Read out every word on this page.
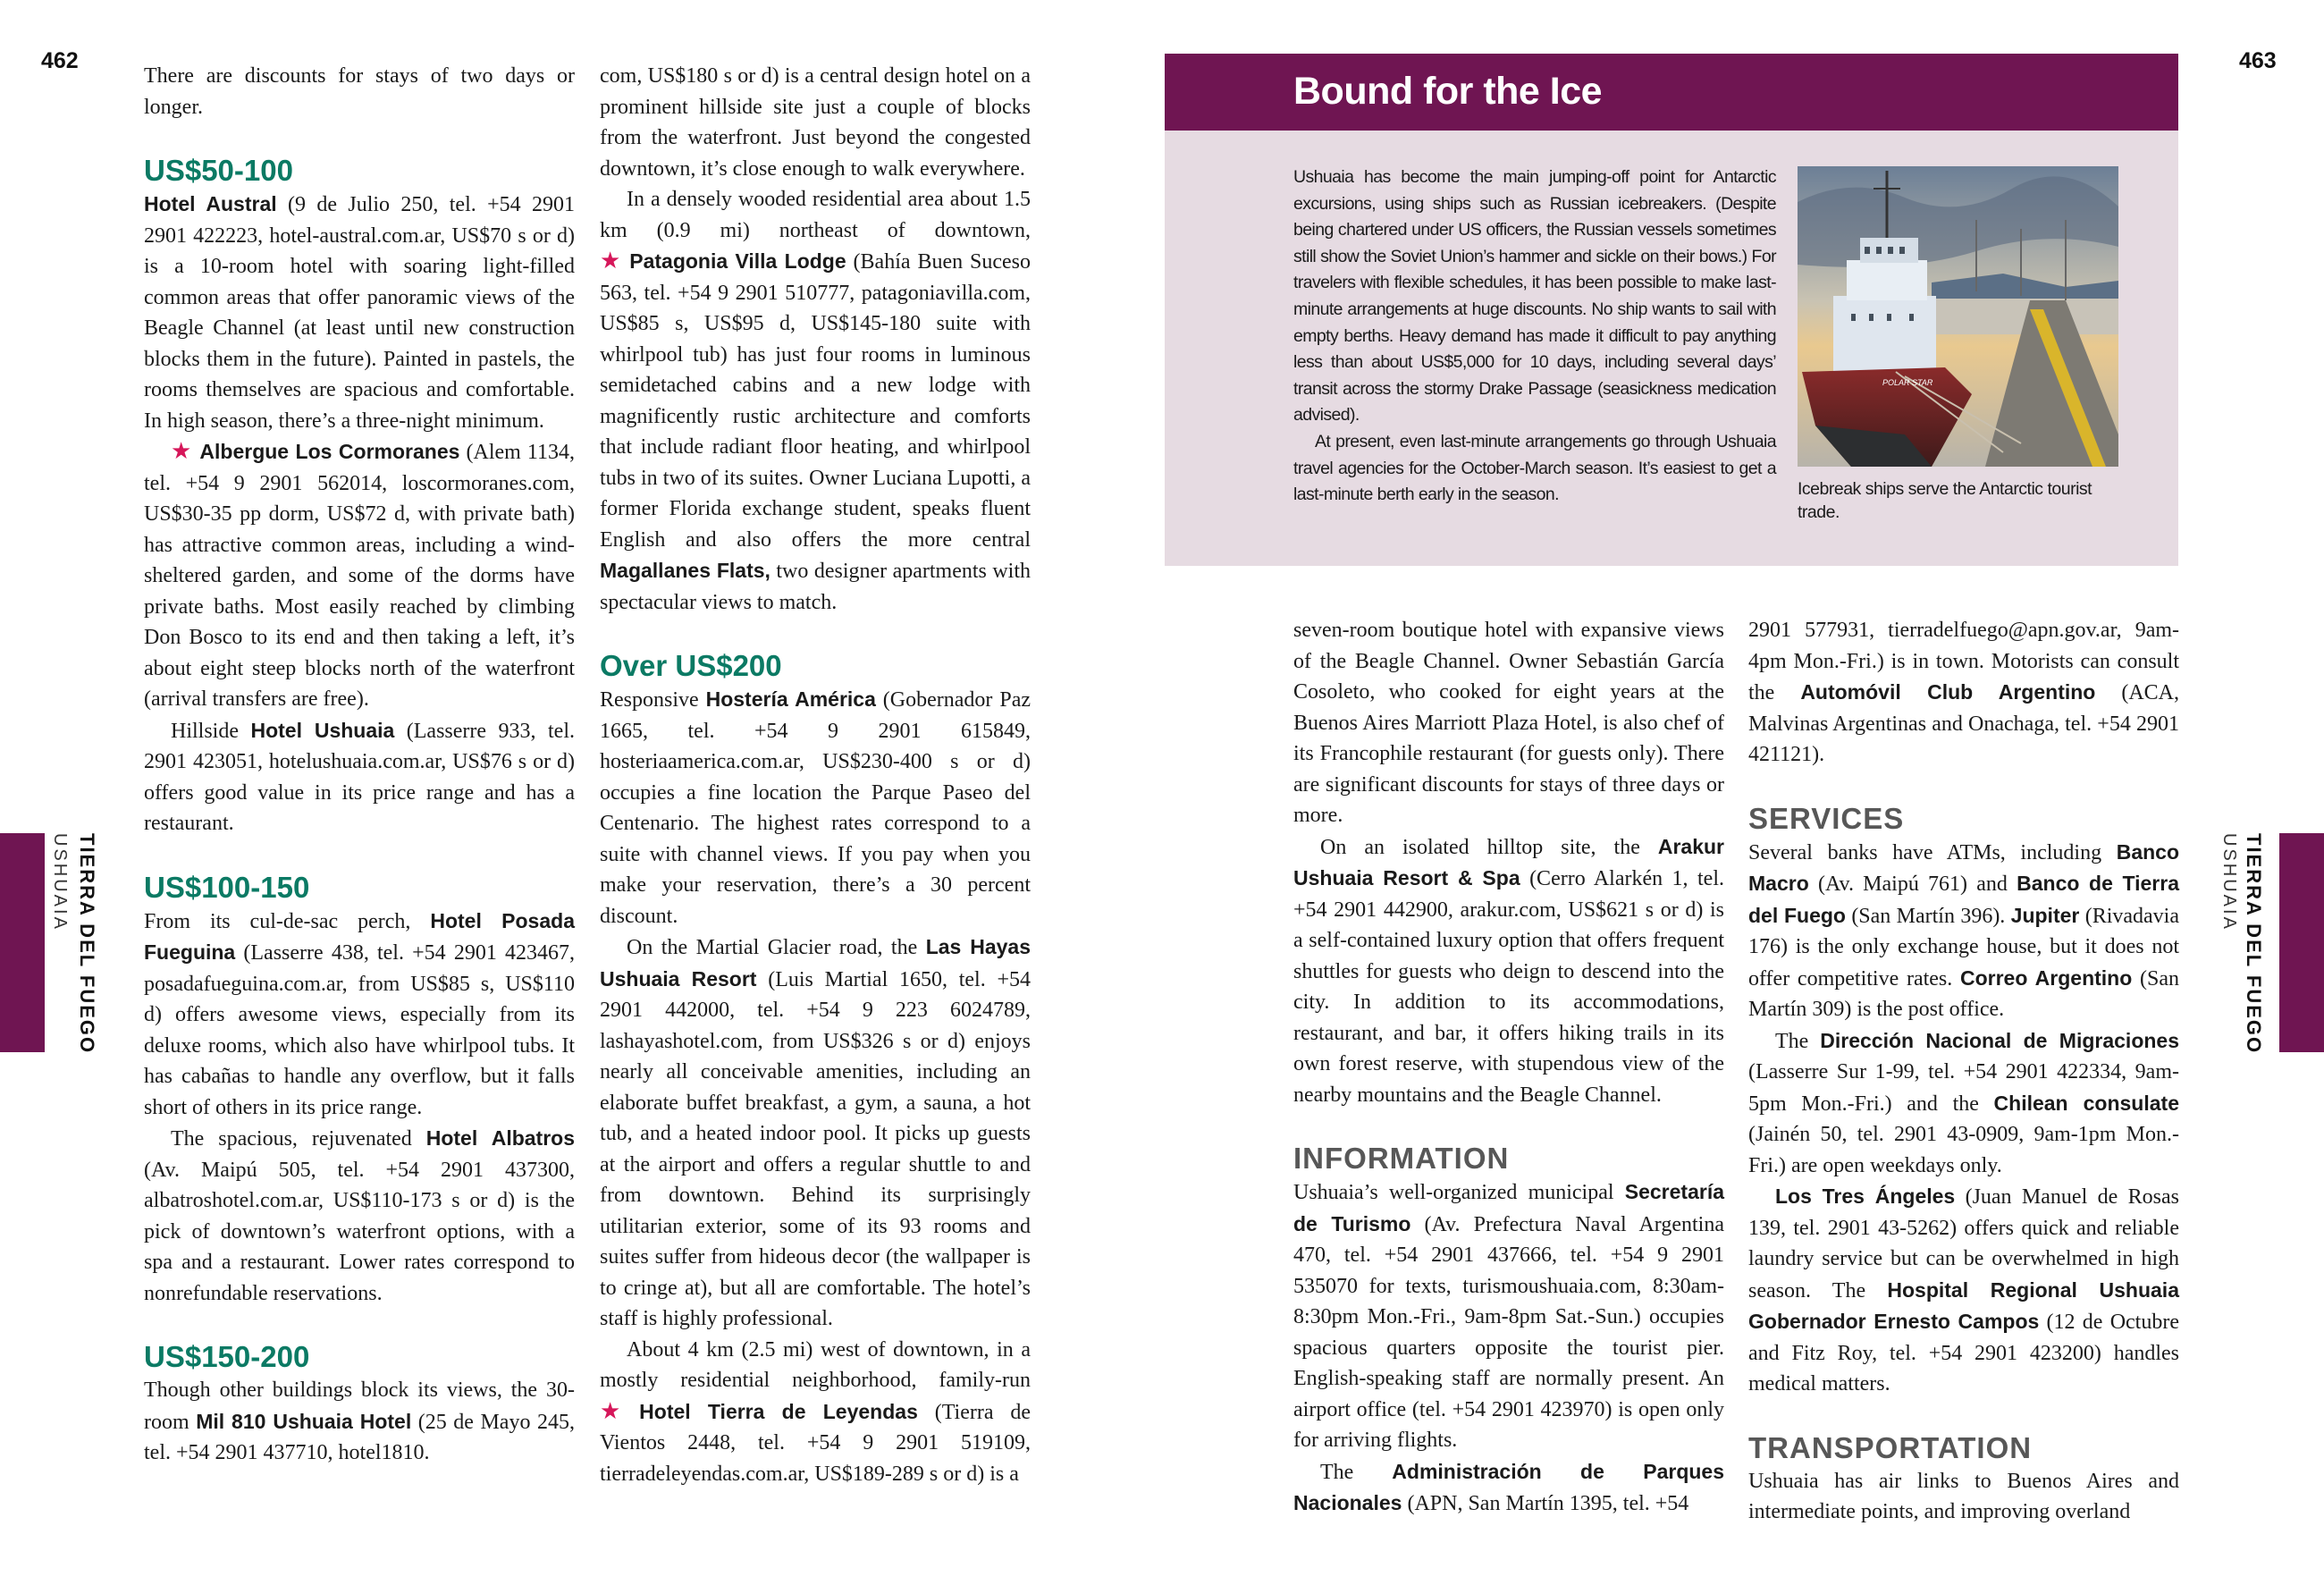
462	463
TIERRA DEL FUEGO
USHUAIA	TIERRA DEL FUEGO
USHUAIA

There are discounts for stays of two days or longer.

US$50-100

Hotel Austral (9 de Julio 250, tel. +54 2901 2901 422223, hotel-austral.com.ar, US$70 s or d) is a 10-room hotel with soaring light-filled common areas that offer panoramic views of the Beagle Channel (at least until new construction blocks them in the future). Painted in pastels, the rooms themselves are spacious and comfortable. In high season, there’s a three-night minimum.

★ Albergue Los Cormoranes (Alem 1134, tel. +54 9 2901 562014, loscormoranes.com, US$30-35 pp dorm, US$72 d, with private bath) has attractive common areas, including a wind-sheltered garden, and some of the dorms have private baths. Most easily reached by climbing Don Bosco to its end and then taking a left, it’s about eight steep blocks north of the waterfront (arrival transfers are free).

Hillside Hotel Ushuaia (Lasserre 933, tel. 2901 423051, hotelushuaia.com.ar, US$76 s or d) offers good value in its price range and has a restaurant.

US$100-150

From its cul-de-sac perch, Hotel Posada Fueguina (Lasserre 438, tel. +54 2901 423467, posadafueguina.com.ar, from US$85 s, US$110 d) offers awesome views, especially from its deluxe rooms, which also have whirlpool tubs. It has cabañas to handle any overflow, but it falls short of others in its price range.

The spacious, rejuvenated Hotel Albatros (Av. Maipú 505, tel. +54 2901 437300, albatroshotel.com.ar, US$110-173 s or d) is the pick of downtown’s waterfront options, with a spa and a restaurant. Lower rates correspond to nonrefundable reservations.

US$150-200

Though other buildings block its views, the 30-room Mil 810 Ushuaia Hotel (25 de Mayo 245, tel. +54 2901 437710, hotel1810.

com, US$180 s or d) is a central design hotel on a prominent hillside site just a couple of blocks from the waterfront. Just beyond the congested downtown, it’s close enough to walk everywhere.

In a densely wooded residential area about 1.5 km (0.9 mi) northeast of downtown, ★ Patagonia Villa Lodge (Bahía Buen Suceso 563, tel. +54 9 2901 510777, patagoniavilla.com, US$85 s, US$95 d, US$145-180 suite with whirlpool tub) has just four rooms in luminous semidetached cabins and a new lodge with magnificently rustic architecture and comforts that include radiant floor heating, and whirlpool tubs in two of its suites. Owner Luciana Lupotti, a former Florida exchange student, speaks fluent English and also offers the more central Magallanes Flats, two designer apartments with spectacular views to match.

Over US$200

Responsive Hostería América (Gobernador Paz 1665, tel. +54 9 2901 615849, hosteriaamerica.com.ar, US$230-400 s or d) occupies a fine location the Parque Paseo del Centenario. The highest rates correspond to a suite with channel views. If you pay when you make your reservation, there’s a 30 percent discount.

On the Martial Glacier road, the Las Hayas Ushuaia Resort (Luis Martial 1650, tel. +54 2901 442000, tel. +54 9 223 6024789, lashayashotel.com, from US$326 s or d) enjoys nearly all conceivable amenities, including an elaborate buffet breakfast, a gym, a sauna, a hot tub, and a heated indoor pool. It picks up guests at the airport and offers a regular shuttle to and from downtown. Behind its surprisingly utilitarian exterior, some of its 93 rooms and suites suffer from hideous decor (the wallpaper is to cringe at), but all are comfortable. The hotel’s staff is highly professional.

About 4 km (2.5 mi) west of downtown, in a mostly residential neighborhood, family-run ★ Hotel Tierra de Leyendas (Tierra de Vientos 2448, tel. +54 9 2901 519109, tierradeleyendas.com.ar, US$189-289 s or d) is a

seven-room boutique hotel with expansive views of the Beagle Channel. Owner Sebastián García Cosoleto, who cooked for eight years at the Buenos Aires Marriott Plaza Hotel, is also chef of its Francophile restaurant (for guests only). There are significant discounts for stays of three days or more.

On an isolated hilltop site, the Arakur Ushuaia Resort & Spa (Cerro Alarkén 1, tel. +54 2901 442900, arakur.com, US$621 s or d) is a self-contained luxury option that offers frequent shuttles for guests who deign to descend into the city. In addition to its accommodations, restaurant, and bar, it offers hiking trails in its own forest reserve, with stupendous view of the nearby mountains and the Beagle Channel.

INFORMATION

Ushuaia’s well-organized municipal Secretaría de Turismo (Av. Prefectura Naval Argentina 470, tel. +54 2901 437666, tel. +54 9 2901 535070 for texts, turismoushuaia.com, 8:30am-8:30pm Mon.-Fri., 9am-8pm Sat.-Sun.) occupies spacious quarters opposite the tourist pier. English-speaking staff are normally present. An airport office (tel. +54 2901 423970) is open only for arriving flights.

The Administración de Parques Nacionales (APN, San Martín 1395, tel. +54

2901 577931, tierradelfuego@apn.gov.ar, 9am-4pm Mon.-Fri.) is in town. Motorists can consult the Automóvil Club Argentino (ACA, Malvinas Argentinas and Onachaga, tel. +54 2901 421121).

SERVICES

Several banks have ATMs, including Banco Macro (Av. Maipú 761) and Banco de Tierra del Fuego (San Martín 396). Jupiter (Rivadavia 176) is the only exchange house, but it does not offer competitive rates. Correo Argentino (San Martín 309) is the post office.

The Dirección Nacional de Migraciones (Lasserre Sur 1-99, tel. +54 2901 422334, 9am-5pm Mon.-Fri.) and the Chilean consulate (Jainén 50, tel. 2901 43-0909, 9am-1pm Mon.-Fri.) are open weekdays only.

Los Tres Ángeles (Juan Manuel de Rosas 139, tel. 2901 43-5262) offers quick and reliable laundry service but can be overwhelmed in high season. The Hospital Regional Ushuaia Gobernador Ernesto Campos (12 de Octubre and Fitz Roy, tel. +54 2901 423200) handles medical matters.

TRANSPORTATION

Ushuaia has air links to Buenos Aires and intermediate points, and improving overland

Bound for the Ice

Ushuaia has become the main jumping-off point for Antarctic excursions, using ships such as Russian icebreakers. (Despite being chartered under US officers, the Russian vessels sometimes still show the Soviet Union’s hammer and sickle on their bows.) For travelers with flexible schedules, it has been possible to make last-minute arrangements at huge discounts. No ship wants to sail with empty berths. Heavy demand has made it difficult to pay anything less than about US$5,000 for 10 days, including several days’ transit across the stormy Drake Passage (seasickness medication advised).

At present, even last-minute arrangements go through Ushuaia travel agencies for the October-March season. It’s easiest to get a last-minute berth early in the season.

POLAR STAR
Icebreak ships serve the Antarctic tourist trade.
